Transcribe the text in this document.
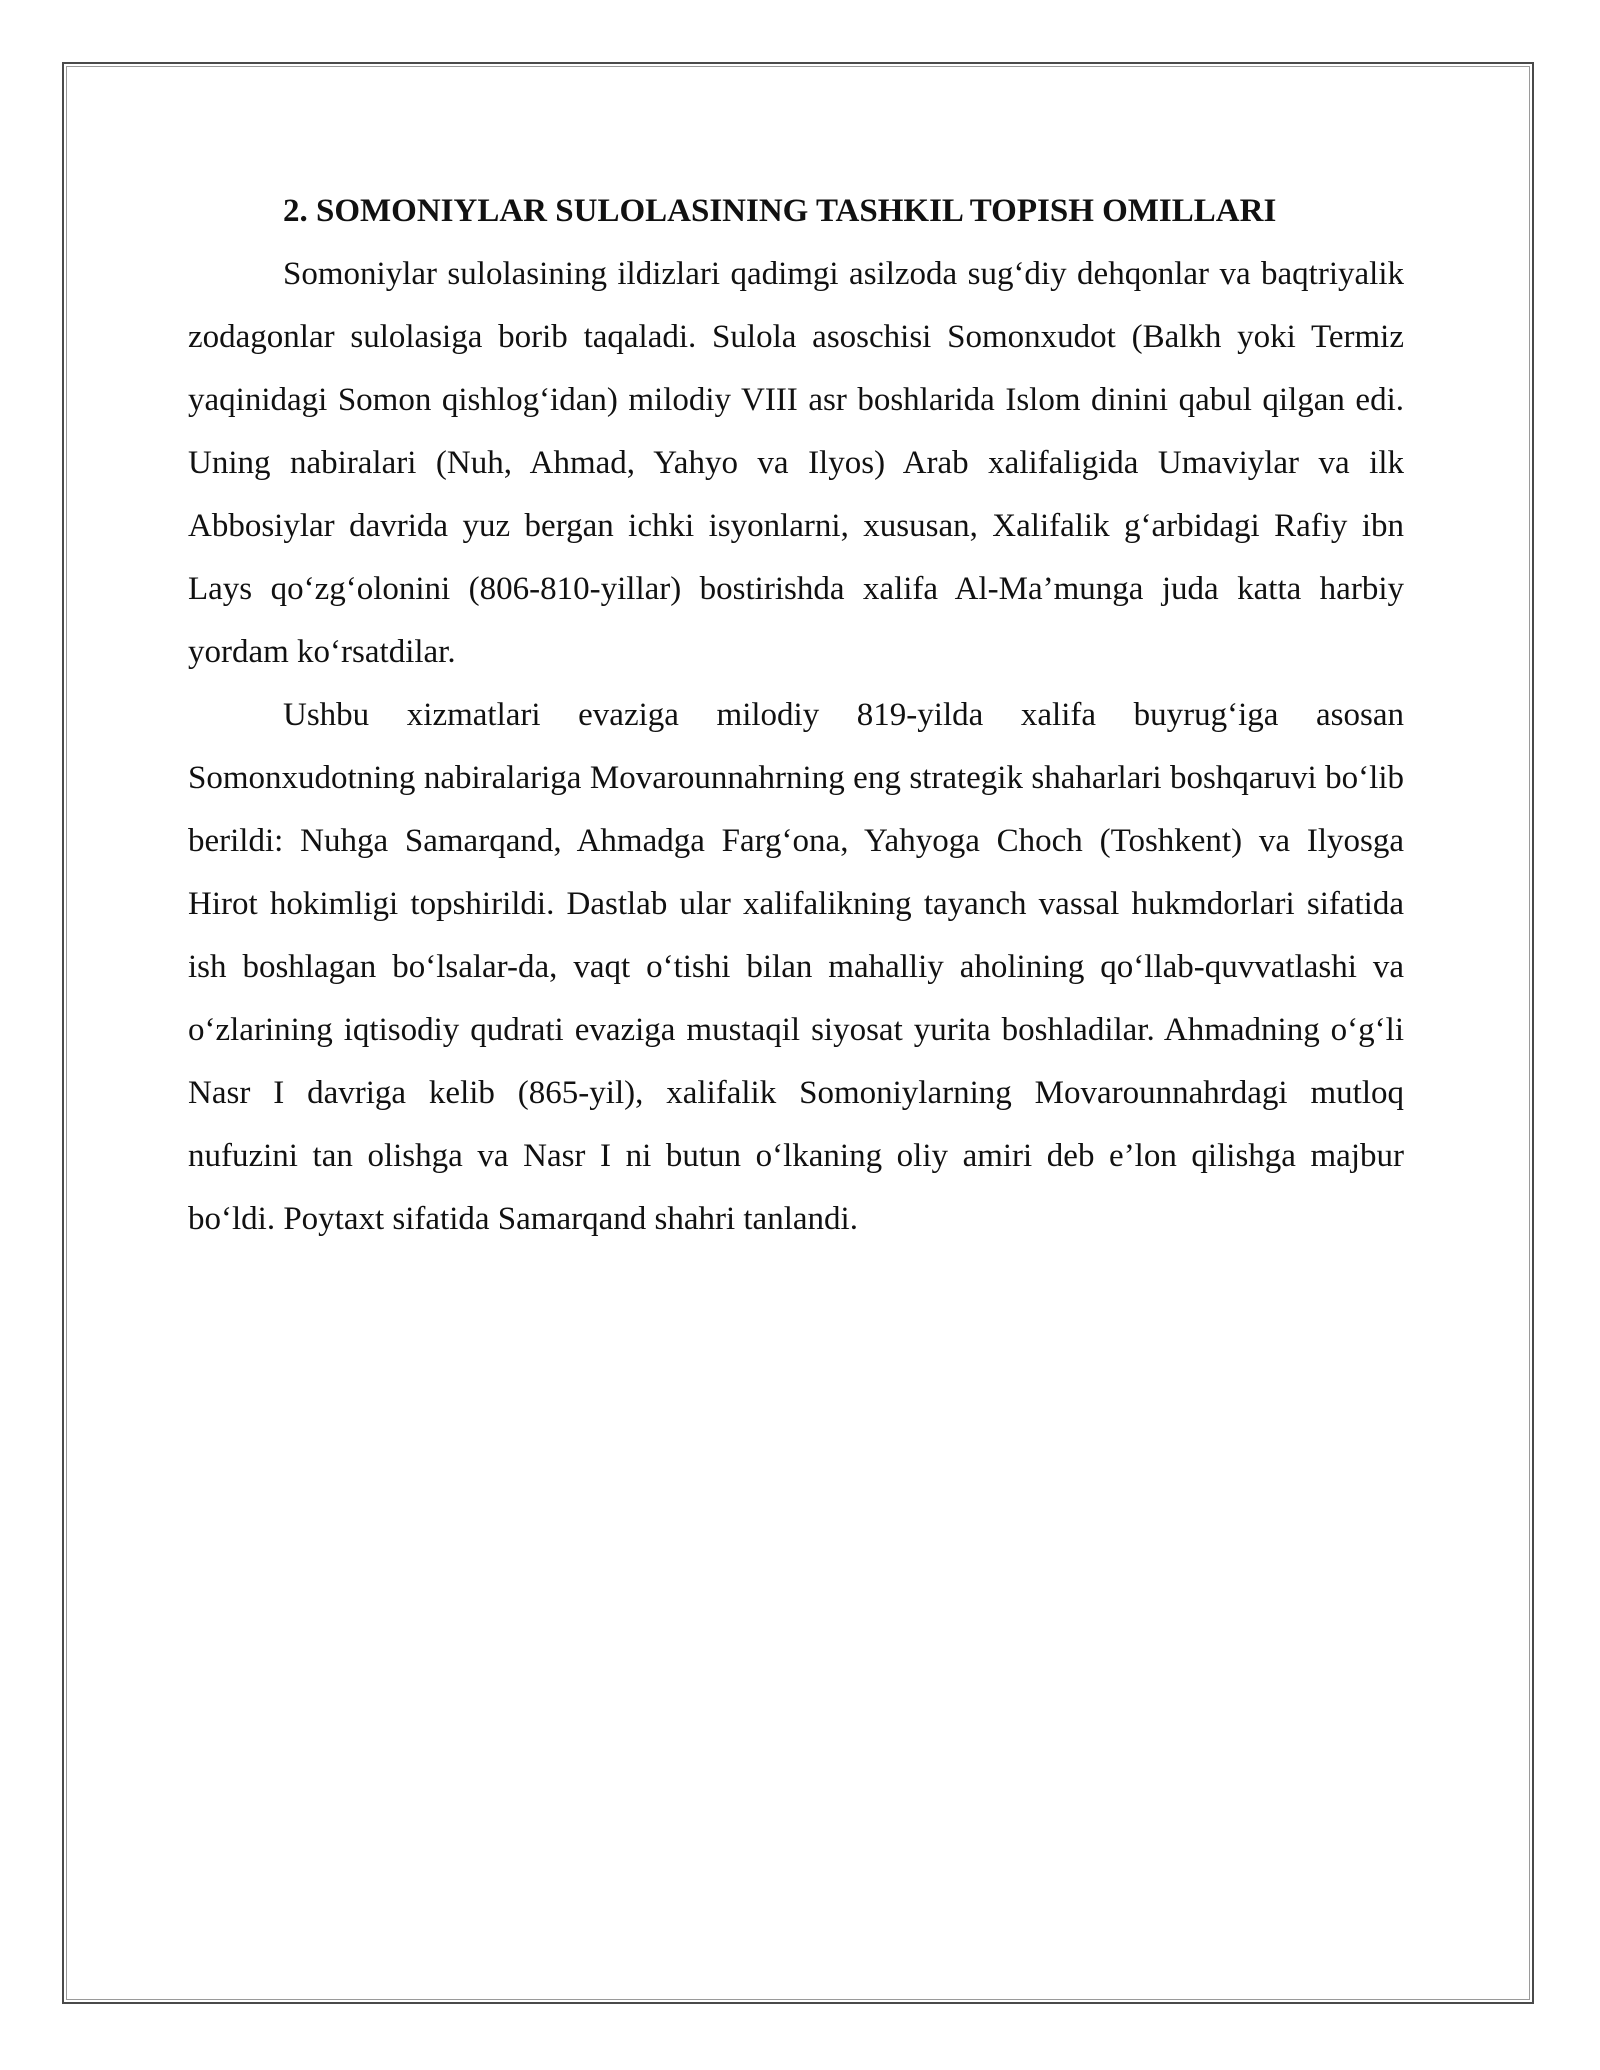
2. SOMONIYLAR SULOLASINING TASHKIL TOPISH OMILLARI

Somoniylar sulolasining ildizlari qadimgi asilzoda sug‘diy dehqonlar va baqtriyalik zodagonlar sulolasiga borib taqaladi. Sulola asoschisi Somonxudot (Balkh yoki Termiz yaqinidagi Somon qishlog‘idan) milodiy VIII asr boshlarida Islom dinini qabul qilgan edi. Uning nabiralari (Nuh, Ahmad, Yahyo va Ilyos) Arab xalifaligida Umaviylar va ilk Abbosiylar davrida yuz bergan ichki isyonlarni, xususan, Xalifalik g‘arbidagi Rafiy ibn Lays qo‘zg‘olonini (806-810-yillar) bostirishda xalifa Al-Ma’munga juda katta harbiy yordam ko‘rsatdilar.

Ushbu xizmatlari evaziga milodiy 819-yilda xalifa buyrug‘iga asosan Somonxudotning nabiralariga Movarounnahrning eng strategik shaharlari boshqaruvi bo‘lib berildi: Nuhga Samarqand, Ahmadga Farg‘ona, Yahyoga Choch (Toshkent) va Ilyosga Hirot hokimligi topshirildi. Dastlab ular xalifalikning tayanch vassal hukmdorlari sifatida ish boshlagan bo‘lsalar-da, vaqt o‘tishi bilan mahalliy aholining qo‘llab-quvvatlashi va o‘zlarining iqtisodiy qudrati evaziga mustaqil siyosat yurita boshladilar. Ahmadning o‘g‘li Nasr I davriga kelib (865-yil), xalifalik Somoniylarning Movarounnahrdagi mutloq nufuzini tan olishga va Nasr I ni butun o‘lkaning oliy amiri deb e’lon qilishga majbur bo‘ldi. Poytaxt sifatida Samarqand shahri tanlandi.
